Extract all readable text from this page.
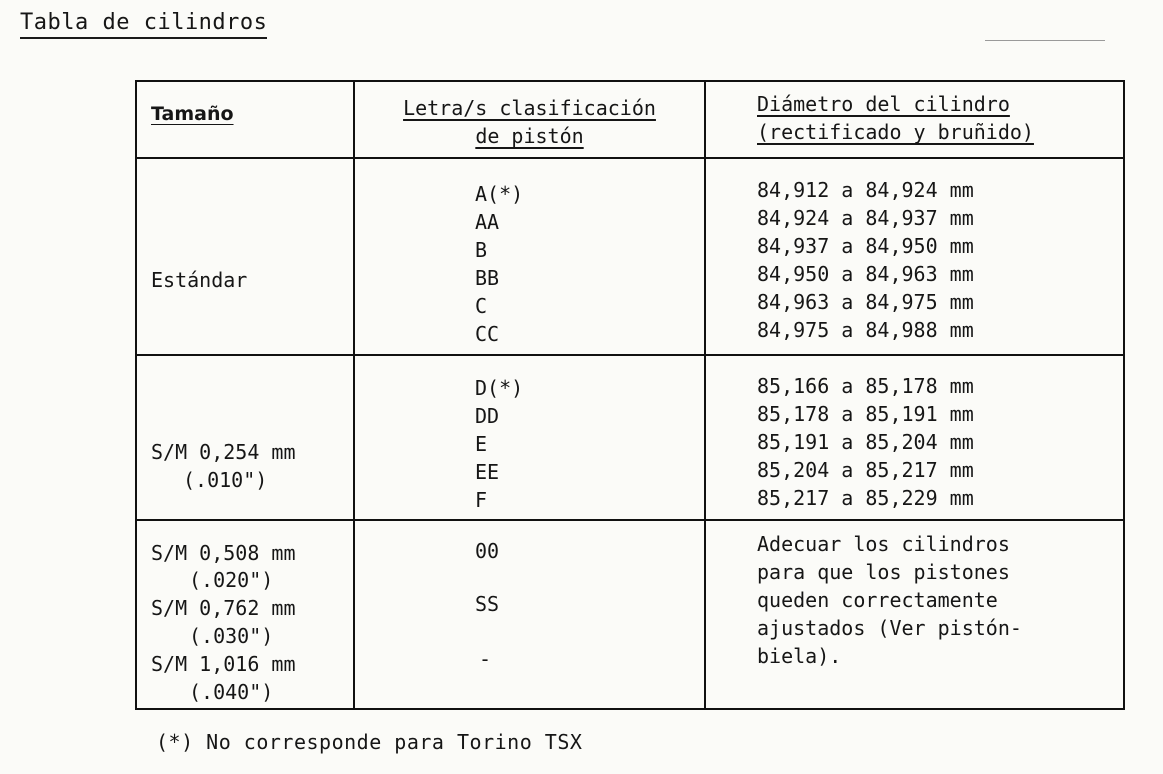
Tabla de cilindros
Tamaño	Letra/s clasificación
de pistón
Diámetro del cilindro
(rectificado y bruñido)
Estándar
A(*)
AA
B
BB
C
CC
84,912 a 84,924 mm
84,924 a 84,937 mm
84,937 a 84,950 mm
84,950 a 84,963 mm
84,963 a 84,975 mm
84,975 a 84,988 mm
S/M 0,254 mm
(.010")
D(*)
DD
E
EE
F
85,166 a 85,178 mm
85,178 a 85,191 mm
85,191 a 85,204 mm
85,204 a 85,217 mm
85,217 a 85,229 mm
S/M 0,508 mm
(.020")
S/M 0,762 mm
(.030")
S/M 1,016 mm
(.040")
00
SS
-
Adecuar los cilindros
para que los pistones
queden correctamente
ajustados (Ver pistón-
biela).
(*) No corresponde para Torino TSX
